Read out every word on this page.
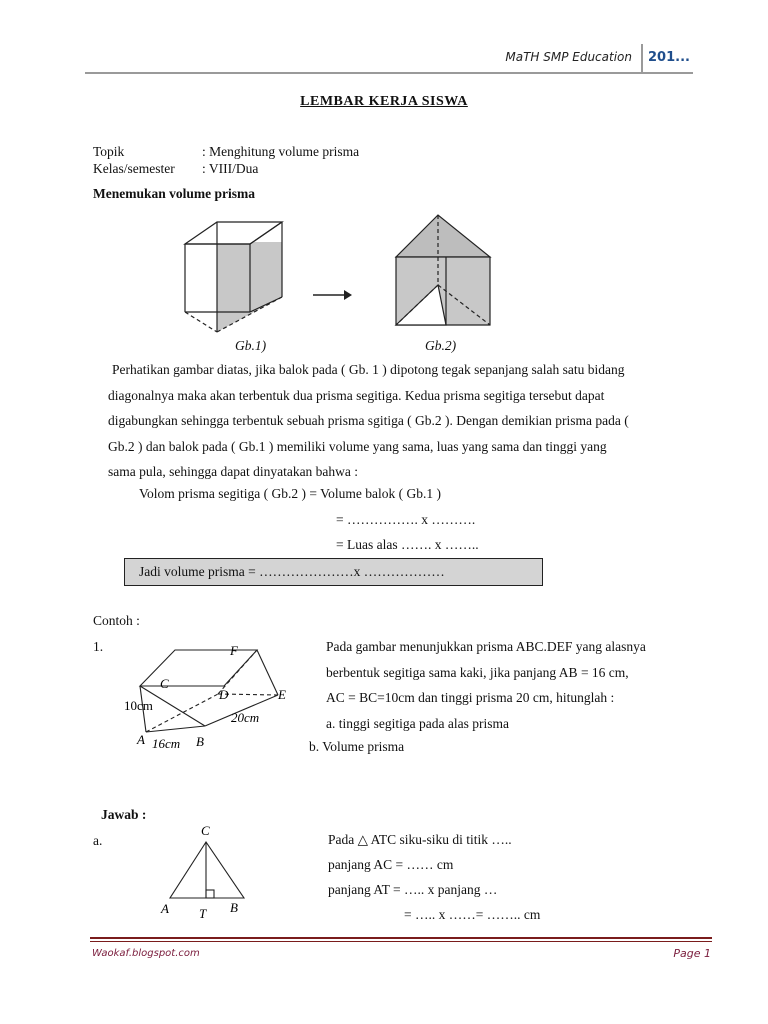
MaTH SMP Education 201...
LEMBAR KERJA SISWA
Topik	: Menghitung volume prisma
Kelas/semester : VIII/Dua
Menemukan volume prisma
Gb.1)	Gb.2)
Perhatikan gambar diatas, jika balok pada ( Gb. 1 ) dipotong tegak sepanjang salah satu bidang
diagonalnya maka akan terbentuk dua prisma segitiga. Kedua prisma segitiga tersebut dapat
digabungkan sehingga terbentuk sebuah prisma sgitiga ( Gb.2 ). Dengan demikian prisma pada (
Gb.2 ) dan balok pada ( Gb.1 ) memiliki volume yang sama, luas yang sama dan tinggi yang
sama pula, sehingga dapat dinyatakan bahwa :
Volom prisma segitiga ( Gb.2 ) = Volume balok ( Gb.1 )
= ……………. x ……….
= Luas alas ……. x ……..
Jadi volume prisma = …………………x ………………
Contoh :
1.	F
C
D	E
10cm
20cm
A 16cm B
Pada gambar menunjukkan prisma ABC.DEF yang alasnya
berbentuk segitiga sama kaki, jika panjang AB = 16 cm,
AC = BC=10cm dan tinggi prisma 20 cm, hitunglah :
a. tinggi segitiga pada alas prisma
b. Volume prisma
Jawab :
a.
C
A T B
Pada △ ATC siku-siku di titik …..
panjang AC = …… cm
panjang AT = ….. x panjang …
= ….. x ……= …….. cm
Waokaf.blogspot.com	Page 1
